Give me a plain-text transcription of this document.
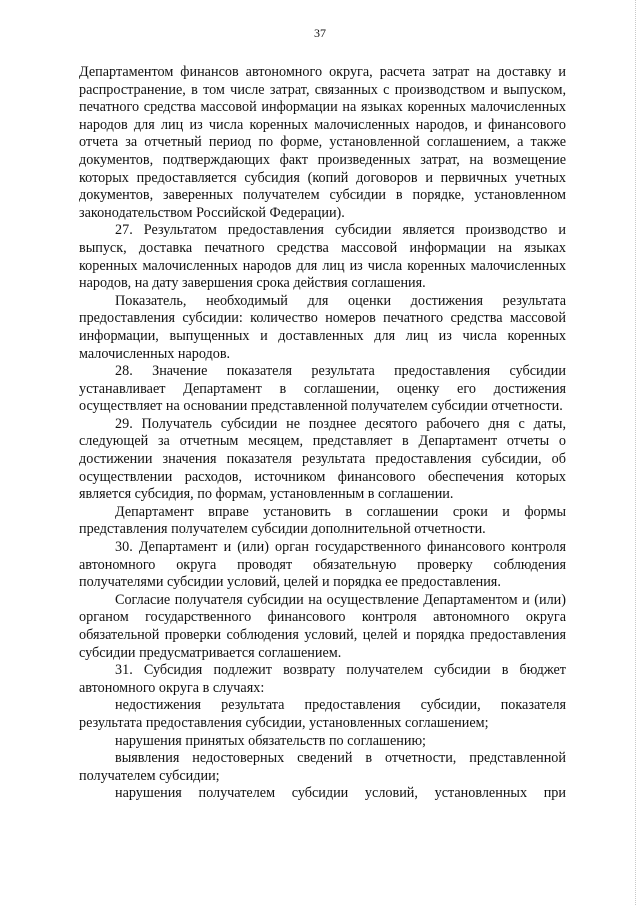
37

Департаментом финансов автономного округа, расчета затрат на доставку и распространение, в том числе затрат, связанных с производством и выпуском, печатного средства массовой информации на языках коренных малочисленных народов для лиц из числа коренных малочисленных народов, и финансового отчета за отчетный период по форме, установленной соглашением, а также документов, подтверждающих факт произведенных затрат, на возмещение которых предоставляется субсидия (копий договоров и первичных учетных документов, заверенных получателем субсидии в порядке, установленном законодательством Российской Федерации).

27. Результатом предоставления субсидии является производство и выпуск, доставка печатного средства массовой информации на языках коренных малочисленных народов для лиц из числа коренных малочисленных народов, на дату завершения срока действия соглашения.

Показатель, необходимый для оценки достижения результата предоставления субсидии: количество номеров печатного средства массовой информации, выпущенных и доставленных для лиц из числа коренных малочисленных народов.

28. Значение показателя результата предоставления субсидии устанавливает Департамент в соглашении, оценку его достижения осуществляет на основании представленной получателем субсидии отчетности.

29. Получатель субсидии не позднее десятого рабочего дня с даты, следующей за отчетным месяцем, представляет в Департамент отчеты о достижении значения показателя результата предоставления субсидии, об осуществлении расходов, источником финансового обеспечения которых является субсидия, по формам, установленным в соглашении.

Департамент вправе установить в соглашении сроки и формы представления получателем субсидии дополнительной отчетности.

30. Департамент и (или) орган государственного финансового контроля автономного округа проводят обязательную проверку соблюдения получателями субсидии условий, целей и порядка ее предоставления.

Согласие получателя субсидии на осуществление Департаментом и (или) органом государственного финансового контроля автономного округа обязательной проверки соблюдения условий, целей и порядка предоставления субсидии предусматривается соглашением.

31. Субсидия подлежит возврату получателем субсидии в бюджет автономного округа в случаях:

недостижения результата предоставления субсидии, показателя результата предоставления субсидии, установленных соглашением;

нарушения принятых обязательств по соглашению;

выявления недостоверных сведений в отчетности, представленной получателем субсидии;

нарушения получателем субсидии условий, установленных при
